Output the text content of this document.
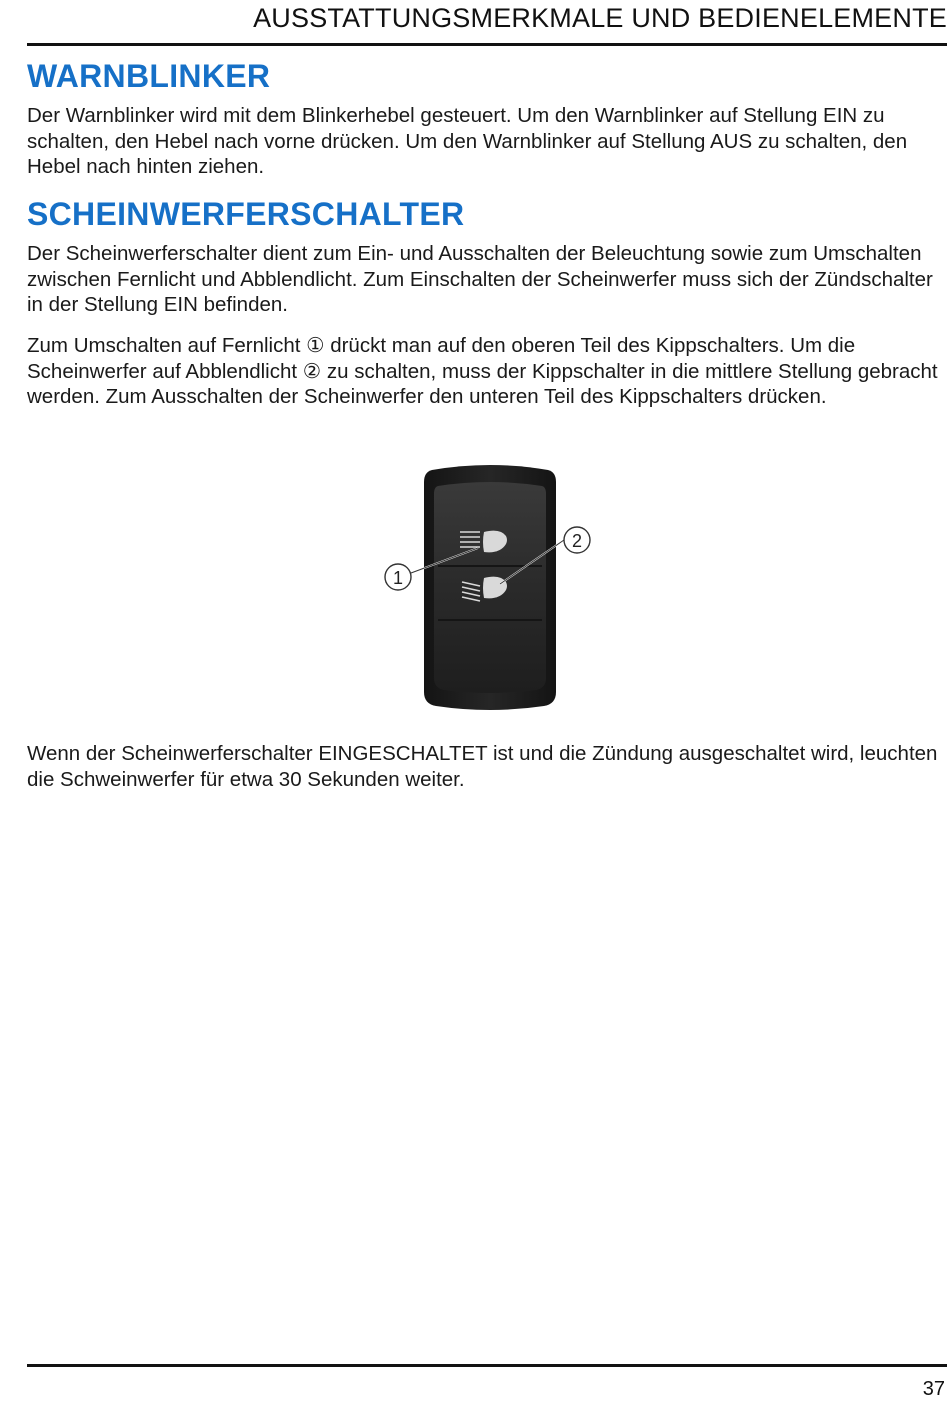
AUSSTATTUNGSMERKMALE UND BEDIENELEMENTE
WARNBLINKER

Der Warnblinker wird mit dem Blinkerhebel gesteuert. Um den Warnblinker auf Stellung EIN zu schalten, den Hebel nach vorne drücken. Um den Warnblinker auf Stellung AUS zu schalten, den Hebel nach hinten ziehen.

SCHEINWERFERSCHALTER

Der Scheinwerferschalter dient zum Ein- und Ausschalten der Beleuchtung sowie zum Umschalten zwischen Fernlicht und Abblendlicht. Zum Einschalten der Scheinwerfer muss sich der Zündschalter in der Stellung EIN befinden.

Zum Umschalten auf Fernlicht ① drückt man auf den oberen Teil des Kippschalters. Um die Scheinwerfer auf Abblendlicht ② zu schalten, muss der Kippschalter in die mittlere Stellung gebracht werden. Zum Ausschalten der Scheinwerfer den unteren Teil des Kippschalters drücken.

1
2

Wenn der Scheinwerferschalter EINGESCHALTET ist und die Zündung ausgeschaltet wird, leuchten die Schweinwerfer für etwa 30 Sekunden weiter.

37
